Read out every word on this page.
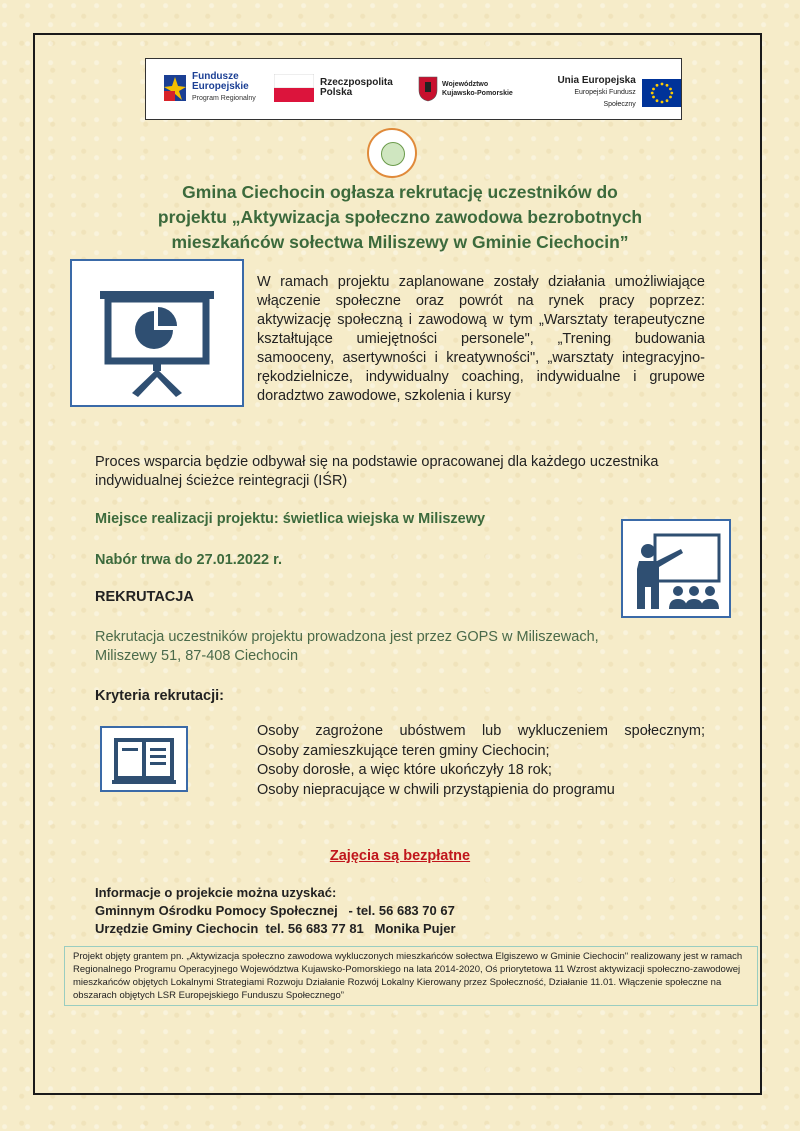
Fundusze
Europejskie
Program Regionalny
Rzeczpospolita
Polska
Województwo
Kujawsko-Pomorskie
Unia Europejska
Europejski Fundusz Społeczny
Gmina Ciechocin ogłasza rekrutację uczestników do
projektu „Aktywizacja społeczno zawodowa bezrobotnych
mieszkańców sołectwa Miliszewy w Gminie Ciechocin”

W ramach projektu zaplanowane zostały działania umożliwiające włączenie społeczne oraz powrót na rynek pracy poprzez: aktywizację społeczną i zawodową w tym „Warsztaty terapeutyczne kształtujące umiejętności personele", „Trening budowania samooceny, asertywności i kreatywności", „warsztaty integracyjno-rękodzielnicze, indywidualny coaching, indywidualne i grupowe doradztwo zawodowe, szkolenia i kursy

Proces wsparcia będzie odbywał się na podstawie opracowanej dla każdego uczestnika indywidualnej ścieżce reintegracji (IŚR)

Miejsce realizacji projektu: świetlica wiejska w Miliszewy

Nabór trwa do 27.01.2022 r.

REKRUTACJA

Rekrutacja uczestników projektu prowadzona jest przez GOPS w Miliszewach, Miliszewy 51, 87-408 Ciechocin

Kryteria rekrutacji:

Osoby zagrożone ubóstwem lub wykluczeniem społecznym;
Osoby zamieszkujące teren gminy Ciechocin;
Osoby dorosłe, a więc które ukończyły 18 rok;
Osoby niepracujące w chwili przystąpienia do programu

Zajęcia są bezpłatne

Informacje o projekcie można uzyskać:
Gminnym Ośrodku Pomocy Społecznej   - tel. 56 683 70 67
Urzędzie Gminy Ciechocin  tel. 56 683 77 81   Monika Pujer
Projekt objęty grantem pn. „Aktywizacja społeczno zawodowa wykluczonych mieszkańców sołectwa Elgiszewo w Gminie Ciechocin" realizowany jest w ramach Regionalnego Programu Operacyjnego Województwa Kujawsko-Pomorskiego na lata 2014-2020, Oś priorytetowa 11 Wzrost aktywizacji społeczno-zawodowej mieszkańców objętych Lokalnymi Strategiami Rozwoju Działanie Rozwój Lokalny Kierowany przez Społeczność, Działanie 11.01. Włączenie społeczne na obszarach objętych LSR Europejskiego Funduszu Społecznego”
